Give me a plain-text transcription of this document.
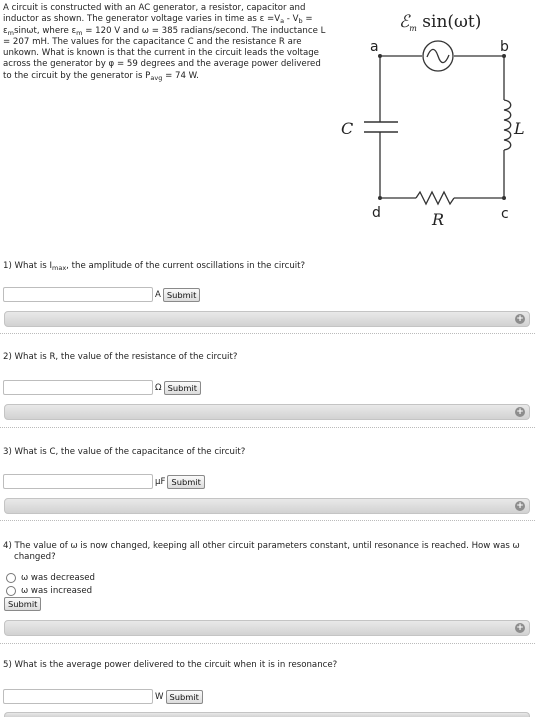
A circuit is constructed with an AC generator, a resistor, capacitor and
inductor as shown. The generator voltage varies in time as $\varepsilon =V_a - V_b$ =
$\varepsilon_m\sin\omega t$, where $\varepsilon_m = 120$ V and ω = 385 radians/second. The inductance L
= 207 mH. The values for the capacitance C and the resistance R are
unkown. What is known is that the current in the circuit leads the voltage
across the generator by φ = 59 degrees and the average power delivered
to the circuit by the generator is $P_{avg} = 74$ W.
ℰ$_m$ sin(ωt)
a	b
C	L
d	c
R
1) What is $I_{max}$, the amplitude of the current oscillations in the circuit?
A Submit
+
2) What is R, the value of the resistance of the circuit?
Ω Submit
+
3) What is C, the value of the capacitance of the circuit?
μF Submit
+
4) The value of ω is now changed, keeping all other circuit parameters constant, until resonance is reached. How was ω
changed?
ω was decreased
ω was increased
Submit
+
5) What is the average power delivered to the circuit when it is in resonance?
W Submit
